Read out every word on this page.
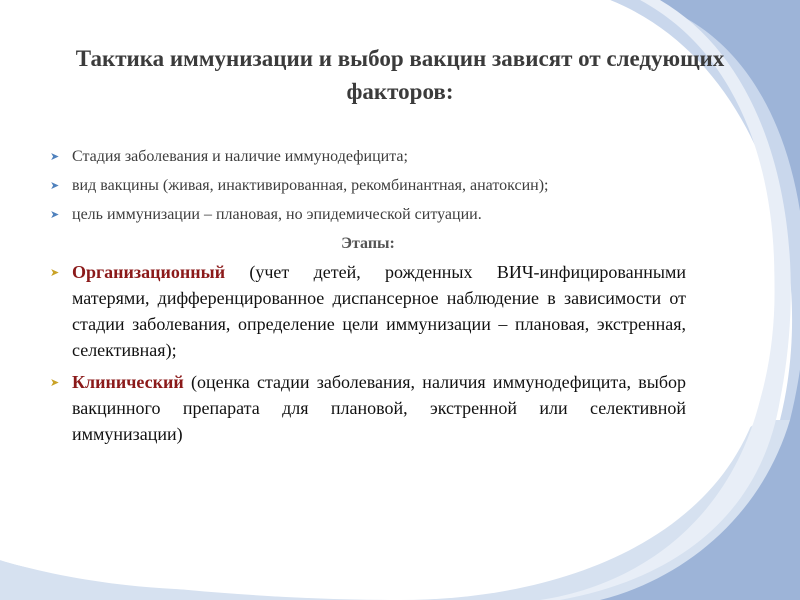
Тактика иммунизации и выбор вакцин зависят от следующих факторов:
➤ Стадия заболевания и наличие иммунодефицита;
➤ вид вакцины (живая, инактивированная, рекомбинантная, анатоксин);
➤ цель иммунизации – плановая, но эпидемической ситуации.
Этапы:
➤ Организационный (учет детей, рожденных ВИЧ-инфицированными матерями, дифференцированное диспансерное наблюдение в зависимости от стадии заболевания, определение цели иммунизации – плановая, экстренная, селективная);
➤ Клинический (оценка стадии заболевания, наличия иммунодефицита, выбор вакцинного препарата для плановой, экстренной или селективной иммунизации)
